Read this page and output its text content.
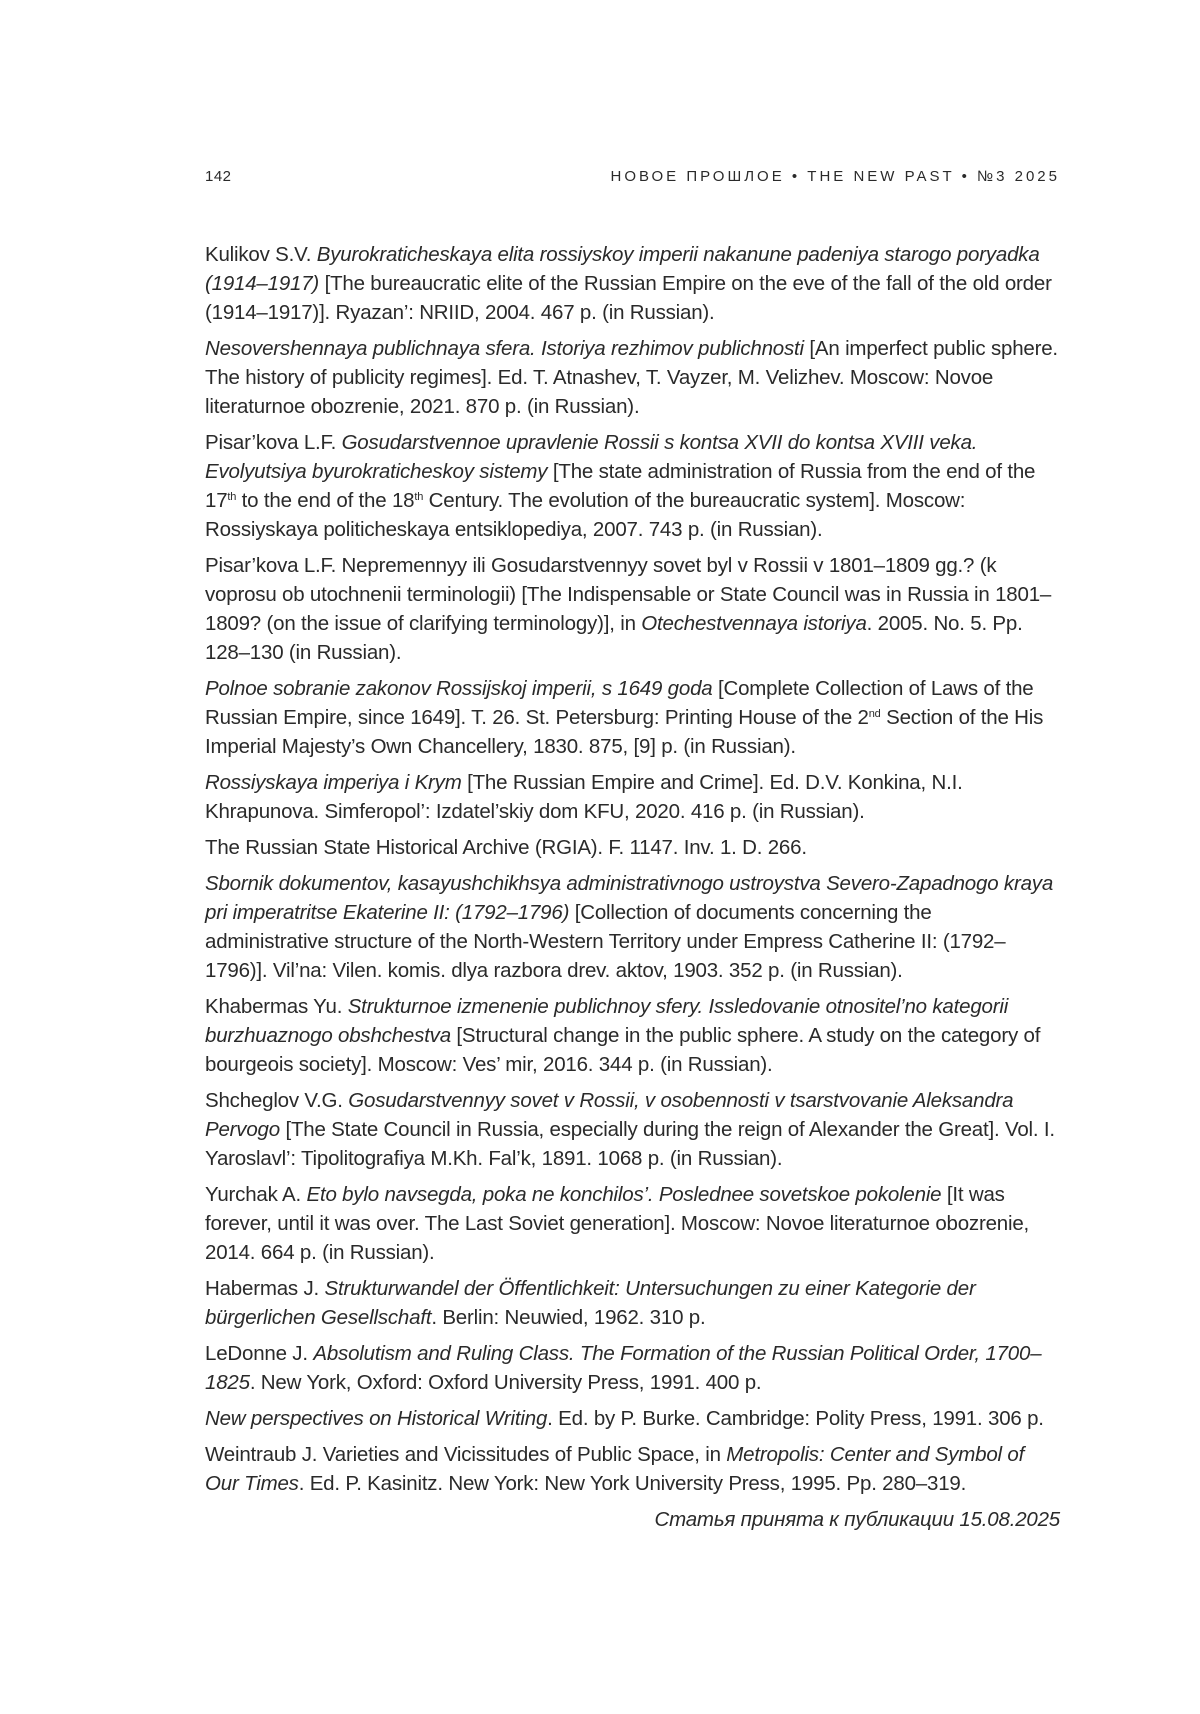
142	НОВОЕ ПРОШЛОЕ • THE NEW PAST • №3 2025

Kulikov S.V. Byurokraticheskaya elita rossiyskoy imperii nakanune padeniya starogo poryadka (1914–1917) [The bureaucratic elite of the Russian Empire on the eve of the fall of the old order (1914–1917)]. Ryazan’: NRIID, 2004. 467 p. (in Russian).

Nesovershennaya publichnaya sfera. Istoriya rezhimov publichnosti [An imperfect public sphere. The history of publicity regimes]. Ed. T. Atnashev, T. Vayzer, M. Velizhev. Moscow: Novoe literaturnoe obozrenie, 2021. 870 p. (in Russian).

Pisar’kova L.F. Gosudarstvennoe upravlenie Rossii s kontsa XVII do kontsa XVIII veka. Evolyutsiya byurokraticheskoy sistemy [The state administration of Russia from the end of the 17th to the end of the 18th Century. The evolution of the bureaucratic system]. Moscow: Rossiyskaya politicheskaya entsiklopediya, 2007. 743 p. (in Russian).

Pisar’kova L.F. Nepremennyy ili Gosudarstvennyy sovet byl v Rossii v 1801–1809 gg.? (k voprosu ob utochnenii terminologii) [The Indispensable or State Council was in Russia in 1801–1809? (on the issue of clarifying terminology)], in Otechestvennaya istoriya. 2005. No. 5. Pp. 128–130 (in Russian).

Polnoe sobranie zakonov Rossijskoj imperii, s 1649 goda [Complete Collection of Laws of the Russian Empire, since 1649]. T. 26. St. Petersburg: Printing House of the 2nd Section of the His Imperial Majesty’s Own Chancellery, 1830. 875, [9] p. (in Russian).

Rossiyskaya imperiya i Krym [The Russian Empire and Crime]. Ed. D.V. Konkina, N.I. Khrapunova. Simferopol’: Izdatel’skiy dom KFU, 2020. 416 p. (in Russian).

The Russian State Historical Archive (RGIA). F. 1147. Inv. 1. D. 266.

Sbornik dokumentov, kasayushchikhsya administrativnogo ustroystva Severo-Zapadnogo kraya pri imperatritse Ekaterine II: (1792–1796) [Collection of documents concerning the administrative structure of the North-Western Territory under Empress Catherine II: (1792–1796)]. Vil’na: Vilen. komis. dlya razbora drev. aktov, 1903. 352 p. (in Russian).

Khabermas Yu. Strukturnoe izmenenie publichnoy sfery. Issledovanie otnositel’no kategorii burzhuaznogo obshchestva [Structural change in the public sphere. A study on the category of bourgeois society]. Moscow: Ves’ mir, 2016. 344 p. (in Russian).

Shcheglov V.G. Gosudarstvennyy sovet v Rossii, v osobennosti v tsarstvovanie Aleksandra Pervogo [The State Council in Russia, especially during the reign of Alexander the Great]. Vol. I. Yaroslavl’: Tipolitografiya M.Kh. Fal’k, 1891. 1068 p. (in Russian).

Yurchak A. Eto bylo navsegda, poka ne konchilos’. Poslednee sovetskoe pokolenie [It was forever, until it was over. The Last Soviet generation]. Moscow: Novoe literaturnoe obozrenie, 2014. 664 p. (in Russian).

Habermas J. Strukturwandel der Öffentlichkeit: Untersuchungen zu einer Kategorie der bürgerlichen Gesellschaft. Berlin: Neuwied, 1962. 310 p.

LeDonne J. Absolutism and Ruling Class. The Formation of the Russian Political Order, 1700–1825. New York, Oxford: Oxford University Press, 1991. 400 p.

New perspectives on Historical Writing. Ed. by P. Burke. Cambridge: Polity Press, 1991. 306 p.

Weintraub J. Varieties and Vicissitudes of Public Space, in Metropolis: Center and Symbol of Our Times. Ed. P. Kasinitz. New York: New York University Press, 1995. Pp. 280–319.

Статья принята к публикации 15.08.2025
